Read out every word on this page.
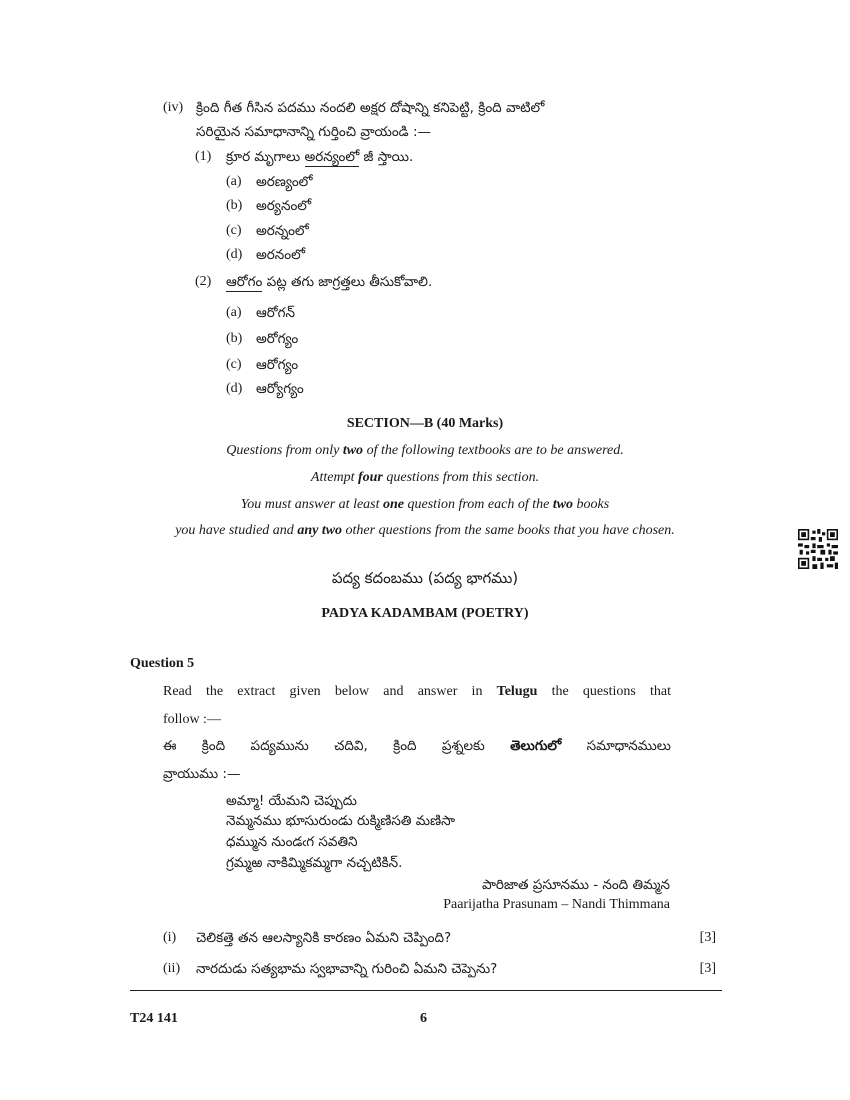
(iv) క్రింది గీత గీసిన పదము నందలి అక్షర దోషాన్ని కనిపెట్టి, క్రింది వాటిలో
సరియైన సమాధానాన్ని గుర్తించి వ్రాయండి :—
(1) క్రూర మృగాలు అరన్యంలో జీ స్తాయి.
(a) అరణ్యంలో
(b) అర్యనంలో
(c) అరన్నంలో
(d) అరనంలో
(2) ఆరోగం పట్ల తగు జాగ్రత్తలు తీసుకోవాలి.
(a) ఆరోగన్
(b) అరోగ్యం
(c) ఆరోగ్యం
(d) ఆర్యోగ్యం
SECTION—B (40 Marks)
Questions from only two of the following textbooks are to be answered.
Attempt four questions from this section.
You must answer at least one question from each of the two books
you have studied and any two other questions from the same books that you have chosen.
పద్య కదంబము (పద్య భాగము)
PADYA KADAMBAM (POETRY)
Question 5
Read the extract given below and answer in Telugu the questions that
follow :—
ఈ క్రింది పద్యమును చదివి, క్రింది ప్రశ్నలకు తెలుగులో సమాధానములు
వ్రాయుము :—
అమ్మా! యేమని చెప్పుదు
నెమ్మనము భూసురుండు రుక్మిణిసతి మణిసా
ధమ్మున నుండఁగ సవతిని
గ్రమ్మఱ నాకిమ్మికమ్మగా నచ్చటికిన్.
పారిజాత ప్రసూనము - నంది తిమ్మన
Paarijatha Prasunam – Nandi Thimmana
(i) చెలికత్తె తన ఆలస్యానికి కారణం ఏమని చెప్పింది?	[3]
(ii) నారదుడు సత్యభామ స్వభావాన్ని గురించి ఏమని చెప్పెను?	[3]
T24 141	6
